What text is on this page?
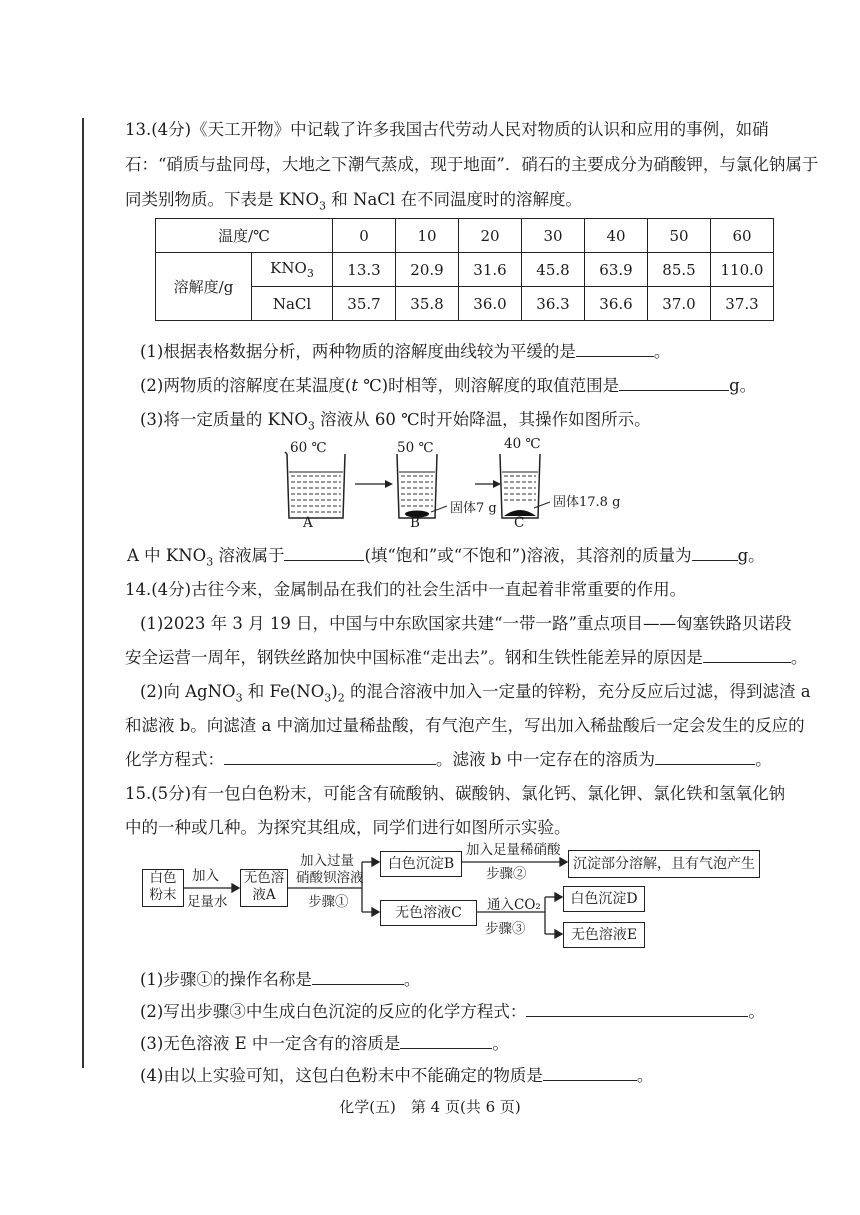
13.(4分)《天工开物》中记载了许多我国古代劳动人民对物质的认识和应用的事例，如硝
石：“硝质与盐同母，大地之下潮气蒸成，现于地面”．硝石的主要成分为硝酸钾，与氯化钠属于
同类别物质。下表是 $KNO_3$ 和 NaCl 在不同温度时的溶解度。
温度/℃		0	10	20	30	40	50	60
溶解度/g	$KNO_3$	13.3	20.9	31.6	45.8	63.9	85.5	110.0
	NaCl	35.7	35.8	36.0	36.3	36.6	37.0	37.3
(1)根据表格数据分析，两种物质的溶解度曲线较为平缓的是	。
(2)两物质的溶解度在某温度(t ℃)时相等，则溶解度的取值范围是	g。
(3)将一定质量的 $KNO_3$ 溶液从 60 ℃时开始降温，其操作如图所示。
60 ℃	50 ℃	40 ℃
固体7 g	固体17.8 g
A	B	C
A 中 $KNO_3$ 溶液属于	(填“饱和”或“不饱和”)溶液，其溶剂的质量为	g。
14.(4分)古往今来，金属制品在我们的社会生活中一直起着非常重要的作用。
(1)2023 年 3 月 19 日，中国与中东欧国家共建“一带一路”重点项目——匈塞铁路贝诺段
安全运营一周年，钢铁丝路加快中国标准“走出去”。钢和生铁性能差异的原因是	。
(2)向 AgNO$_3$ 和 $Fe(NO_3)_2$ 的混合溶液中加入一定量的锌粉，充分反应后过滤，得到滤渣 a
和滤液 b。向滤渣 a 中滴加过量稀盐酸，有气泡产生，写出加入稀盐酸后一定会发生的反应的
化学方程式：	。滤液 b 中一定存在的溶质为	。
15.(5分)有一包白色粉末，可能含有硫酸钠、碳酸钠、氯化钙、氯化钾、氯化铁和氢氧化钠
中的一种或几种。为探究其组成，同学们进行如图所示实验。
白色粉末
加入
足量水
无色溶液A
加入过量
硝酸钡溶液
步骤①
白色沉淀B
加入足量稀硝酸
步骤②
沉淀部分溶解，且有气泡产生
无色溶液C	通入CO₂
步骤③
白色沉淀D
无色溶液E
(1)步骤①的操作名称是	。
(2)写出步骤③中生成白色沉淀的反应的化学方程式：	。
(3)无色溶液 E 中一定含有的溶质是	。
(4)由以上实验可知，这包白色粉末中不能确定的物质是	。
化学(五)　第 4 页(共 6 页)
